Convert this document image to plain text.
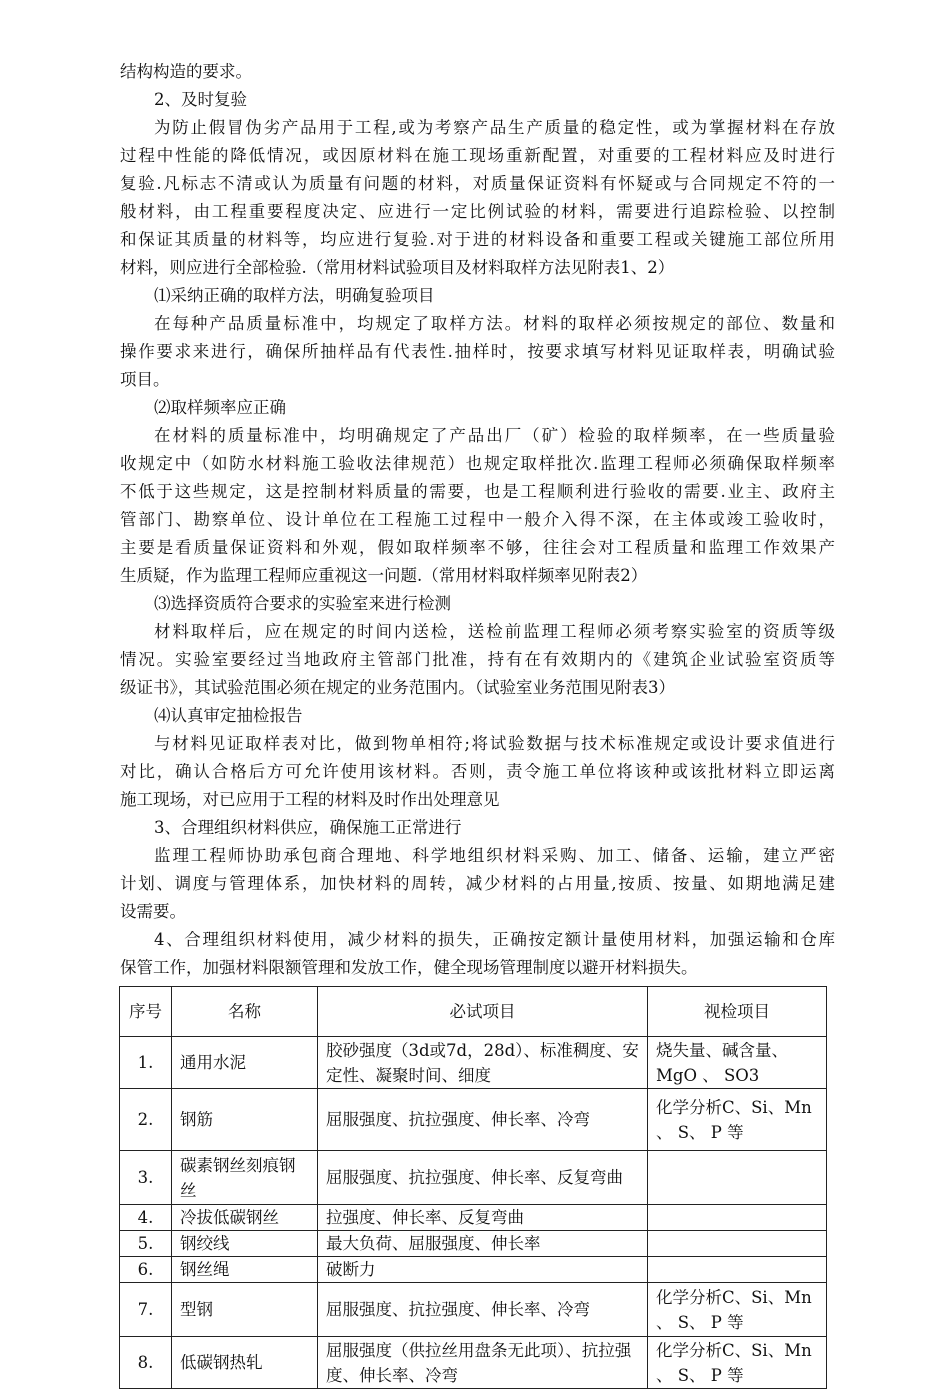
结构构造的要求。
2、及时复验
为防止假冒伪劣产品用于工程,或为考察产品生产质量的稳定性，或为掌握材料在存放
过程中性能的降低情况，或因原材料在施工现场重新配置，对重要的工程材料应及时进行
复验.凡标志不清或认为质量有问题的材料，对质量保证资料有怀疑或与合同规定不符的一
般材料，由工程重要程度决定、应进行一定比例试验的材料，需要进行追踪检验、以控制
和保证其质量的材料等，均应进行复验.对于进的材料设备和重要工程或关键施工部位所用
材料，则应进行全部检验.（常用材料试验项目及材料取样方法见附表1、2）
⑴采纳正确的取样方法，明确复验项目
在每种产品质量标准中，均规定了取样方法。材料的取样必须按规定的部位、数量和
操作要求来进行，确保所抽样品有代表性.抽样时，按要求填写材料见证取样表，明确试验
项目。
⑵取样频率应正确
在材料的质量标准中，均明确规定了产品出厂（矿）检验的取样频率，在一些质量验
收规定中（如防水材料施工验收法律规范）也规定取样批次.监理工程师必须确保取样频率
不低于这些规定，这是控制材料质量的需要，也是工程顺利进行验收的需要.业主、政府主
管部门、勘察单位、设计单位在工程施工过程中一般介入得不深，在主体或竣工验收时，
主要是看质量保证资料和外观，假如取样频率不够，往往会对工程质量和监理工作效果产
生质疑，作为监理工程师应重视这一问题.（常用材料取样频率见附表2）
⑶选择资质符合要求的实验室来进行检测
材料取样后，应在规定的时间内送检，送检前监理工程师必须考察实验室的资质等级
情况。实验室要经过当地政府主管部门批准，持有在有效期内的《建筑企业试验室资质等
级证书》，其试验范围必须在规定的业务范围内。（试验室业务范围见附表3）
⑷认真审定抽检报告
与材料见证取样表对比，做到物单相符;将试验数据与技术标准规定或设计要求值进行
对比，确认合格后方可允许使用该材料。否则，责令施工单位将该种或该批材料立即运离
施工现场，对已应用于工程的材料及时作出处理意见
3、合理组织材料供应，确保施工正常进行
监理工程师协助承包商合理地、科学地组织材料采购、加工、储备、运输，建立严密
计划、调度与管理体系，加快材料的周转，减少材料的占用量,按质、按量、如期地满足建
设需要。
4、合理组织材料使用，减少材料的损失，正确按定额计量使用材料，加强运输和仓库
保管工作，加强材料限额管理和发放工作，健全现场管理制度以避开材料损失。
序号	名称	必试项目	视检项目
1.	通用水泥	胶砂强度（3d或7d，28d）、标准稠度、安定性、凝聚时间、细度	烧失量、碱含量、MgO 、 SO3
2.	钢筋	屈服强度、抗拉强度、伸长率、冷弯	化学分析C、Si、Mn 、 S、 P 等
3.	碳素钢丝刻痕钢丝	屈服强度、抗拉强度、伸长率、反复弯曲	
4.	冷拔低碳钢丝	拉强度、伸长率、反复弯曲	
5.	钢绞线	最大负荷、屈服强度、伸长率	
6.	钢丝绳	破断力	
7.	型钢	屈服强度、抗拉强度、伸长率、冷弯	化学分析C、Si、Mn 、 S、 P 等
8.	低碳钢热轧	屈服强度（供拉丝用盘条无此项）、抗拉强度、伸长率、冷弯	化学分析C、Si、Mn 、 S、 P 等
